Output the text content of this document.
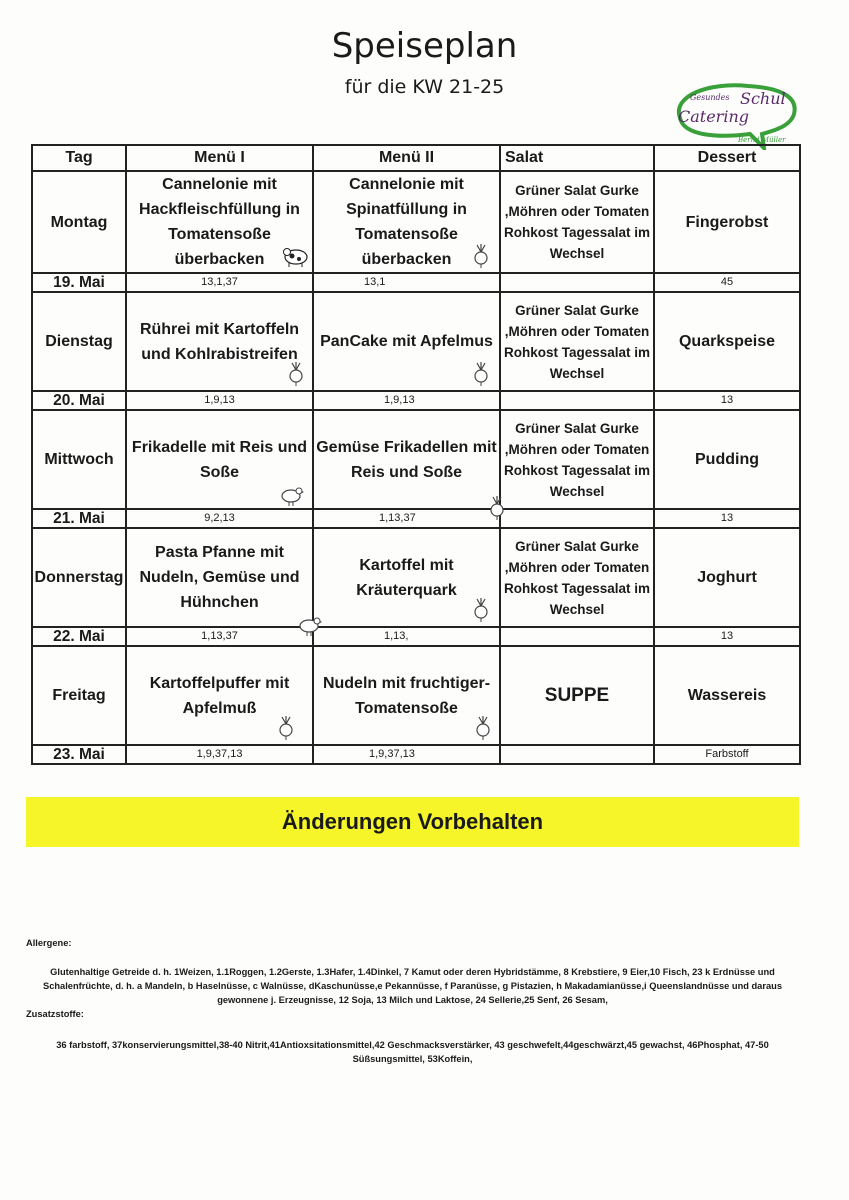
Speiseplan
für die KW 21-25	Gesundes Schul
Catering
Bernd Müller
Tag	Menü I	Menü II	Salat	Dessert
Montag	Cannelonie mit Hackfleischfüllung in Tomatensoße überbacken	Cannelonie mit Spinatfüllung in Tomatensoße überbacken	Grüner Salat Gurke ,Möhren oder Tomaten Rohkost Tagessalat im Wechsel	Fingerobst
19. Mai	13,1,37	13,1		45
Dienstag	Rührei mit Kartoffeln und Kohlrabistreifen	PanCake mit Apfelmus	Grüner Salat Gurke ,Möhren oder Tomaten Rohkost Tagessalat im Wechsel	Quarkspeise
20. Mai	1,9,13	1,9,13		13
Mittwoch	Frikadelle mit Reis und Soße	Gemüse Frikadellen mit Reis und Soße	Grüner Salat Gurke ,Möhren oder Tomaten Rohkost Tagessalat im Wechsel	Pudding
21. Mai	9,2,13	1,13,37		13
Donnerstag	Pasta Pfanne mit Nudeln, Gemüse und Hühnchen	Kartoffel mit Kräuterquark	Grüner Salat Gurke ,Möhren oder Tomaten Rohkost Tagessalat im Wechsel	Joghurt
22. Mai	1,13,37	1,13,		13
Freitag	Kartoffelpuffer mit Apfelmuß	Nudeln mit fruchtiger-Tomatensoße	SUPPE	Wassereis
23. Mai	1,9,37,13	1,9,37,13		Farbstoff
Änderungen Vorbehalten
Allergene:
Glutenhaltige Getreide d. h. 1Weizen, 1.1Roggen, 1.2Gerste, 1.3Hafer, 1.4Dinkel, 7 Kamut oder deren Hybridstämme, 8 Krebstiere, 9 Eier,10 Fisch, 23 k Erdnüsse und Schalenfrüchte, d. h. a Mandeln, b Haselnüsse, c Walnüsse, dKaschunüsse,e Pekannüsse, f Paranüsse, g Pistazien, h Makadamianüsse,i Queenslandnüsse und daraus gewonnene j. Erzeugnisse, 12 Soja, 13 Milch und Laktose, 24 Sellerie,25 Senf, 26 Sesam,
Zusatzstoffe:
36 farbstoff, 37konservierungsmittel,38-40 Nitrit,41Antioxsitationsmittel,42 Geschmacksverstärker, 43 geschwefelt,44geschwärzt,45 gewachst, 46Phosphat, 47-50 Süßsungsmittel, 53Koffein,
